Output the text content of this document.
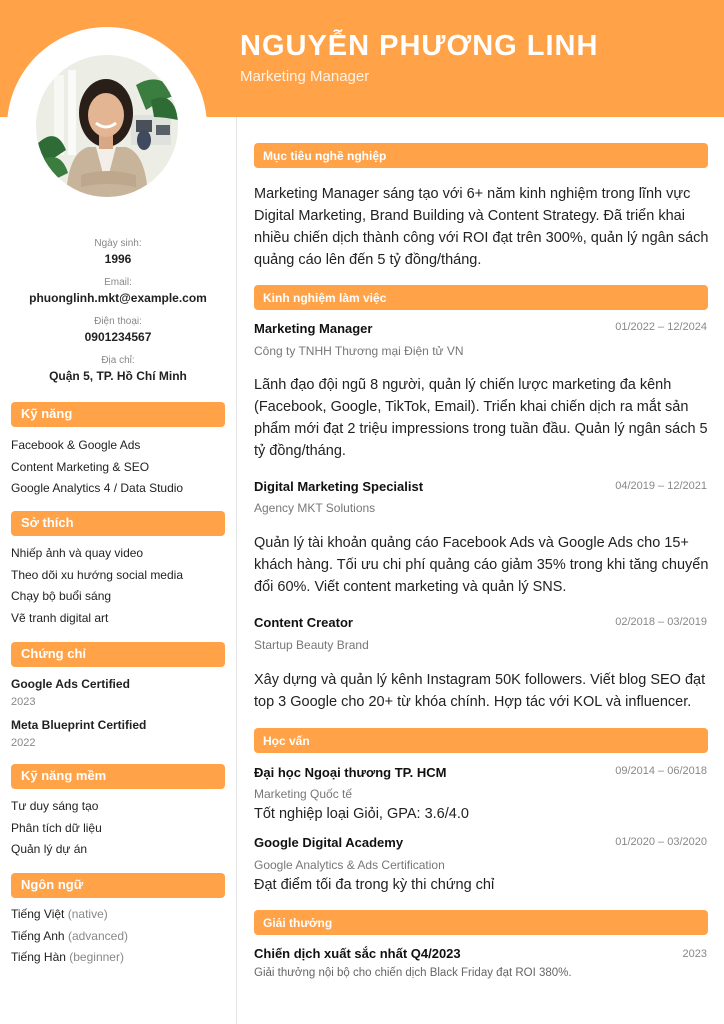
NGUYỄN PHƯƠNG LINH
Marketing Manager
Ngày sinh:
1996
Email:
phuonglinh.mkt@example.com
Điện thoại:
0901234567
Địa chỉ:
Quận 5, TP. Hồ Chí Minh
Kỹ năng
Facebook & Google Ads
Content Marketing & SEO
Google Analytics 4 / Data Studio
Sở thích
Nhiếp ảnh và quay video
Theo dõi xu hướng social media
Chạy bộ buổi sáng
Vẽ tranh digital art
Chứng chỉ
Google Ads Certified
2023
Meta Blueprint Certified
2022
Kỹ năng mềm
Tư duy sáng tạo
Phân tích dữ liệu
Quản lý dự án
Ngôn ngữ
Tiếng Việt (native)
Tiếng Anh (advanced)
Tiếng Hàn (beginner)
Mục tiêu nghề nghiệp
Marketing Manager sáng tạo với 6+ năm kinh nghiệm trong lĩnh vực Digital Marketing, Brand Building và Content Strategy. Đã triển khai nhiều chiến dịch thành công với ROI đạt trên 300%, quản lý ngân sách quảng cáo lên đến 5 tỷ đồng/tháng.
Kinh nghiệm làm việc
Marketing Manager	01/2022 – 12/2024
Công ty TNHH Thương mại Điện tử VN
Lãnh đạo đội ngũ 8 người, quản lý chiến lược marketing đa kênh (Facebook, Google, TikTok, Email). Triển khai chiến dịch ra mắt sản phẩm mới đạt 2 triệu impressions trong tuần đầu. Quản lý ngân sách 5 tỷ đồng/tháng.
Digital Marketing Specialist	04/2019 – 12/2021
Agency MKT Solutions
Quản lý tài khoản quảng cáo Facebook Ads và Google Ads cho 15+ khách hàng. Tối ưu chi phí quảng cáo giảm 35% trong khi tăng chuyển đổi 60%. Viết content marketing và quản lý SNS.
Content Creator	02/2018 – 03/2019
Startup Beauty Brand
Xây dựng và quản lý kênh Instagram 50K followers. Viết blog SEO đạt top 3 Google cho 20+ từ khóa chính. Hợp tác với KOL và influencer.
Học vấn
Đại học Ngoại thương TP. HCM	09/2014 – 06/2018
Marketing Quốc tế
Tốt nghiệp loại Giỏi, GPA: 3.6/4.0
Google Digital Academy	01/2020 – 03/2020
Google Analytics & Ads Certification
Đạt điểm tối đa trong kỳ thi chứng chỉ
Giải thưởng
Chiến dịch xuất sắc nhất Q4/2023	2023
Giải thưởng nội bộ cho chiến dịch Black Friday đạt ROI 380%.
